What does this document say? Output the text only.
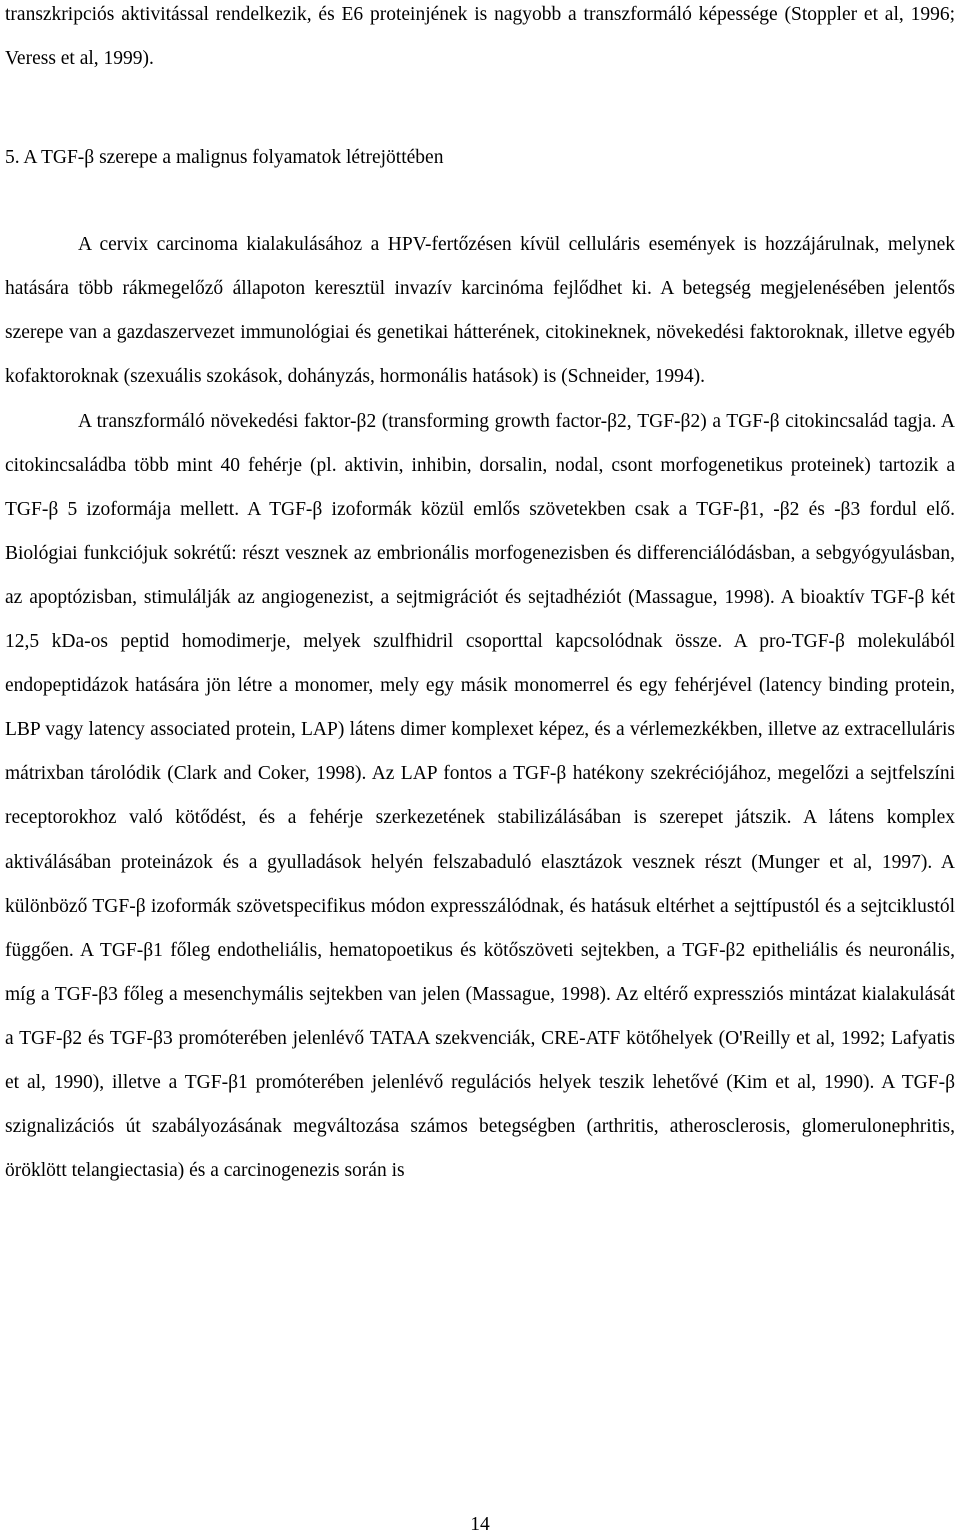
transzkripciós aktivitással rendelkezik, és E6 proteinjének is nagyobb a transzformáló képessége (Stoppler et al, 1996; Veress et al, 1999).

5. A TGF-β szerepe a malignus folyamatok létrejöttében

A cervix carcinoma kialakulásához a HPV-fertőzésen kívül celluláris események is hozzájárulnak, melynek hatására több rákmegelőző állapoton keresztül invazív karcinóma fejlődhet ki. A betegség megjelenésében jelentős szerepe van a gazdaszervezet immunológiai és genetikai hátterének, citokineknek, növekedési faktoroknak, illetve egyéb kofaktoroknak (szexuális szokások, dohányzás, hormonális hatások) is (Schneider, 1994).

A transzformáló növekedési faktor-β2 (transforming growth factor-β2, TGF-β2) a TGF-β citokincsalád tagja. A citokincsaládba több mint 40 fehérje (pl. aktivin, inhibin, dorsalin, nodal, csont morfogenetikus proteinek) tartozik a TGF-β 5 izoformája mellett. A TGF-β izoformák közül emlős szövetekben csak a TGF-β1, -β2 és -β3 fordul elő. Biológiai funkciójuk sokrétű: részt vesznek az embrionális morfogenezisben és differenciálódásban, a sebgyógyulásban, az apoptózisban, stimulálják az angiogenezist, a sejtmigrációt és sejtadhéziót (Massague, 1998). A bioaktív TGF-β két 12,5 kDa-os peptid homodimerje, melyek szulfhidril csoporttal kapcsolódnak össze. A pro-TGF-β molekulából endopeptidázok hatására jön létre a monomer, mely egy másik monomerrel és egy fehérjével (latency binding protein, LBP vagy latency associated protein, LAP) látens dimer komplexet képez, és a vérlemezkékben, illetve az extracelluláris mátrixban tárolódik (Clark and Coker, 1998). Az LAP fontos a TGF-β hatékony szekréciójához, megelőzi a sejtfelszíni receptorokhoz való kötődést, és a fehérje szerkezetének stabilizálásában is szerepet játszik. A látens komplex aktiválásában proteinázok és a gyulladások helyén felszabaduló elasztázok vesznek részt (Munger et al, 1997). A különböző TGF-β izoformák szövetspecifikus módon expresszálódnak, és hatásuk eltérhet a sejttípustól és a sejtciklustól függően. A TGF-β1 főleg endotheliális, hematopoetikus és kötőszöveti sejtekben, a TGF-β2 epitheliális és neuronális, míg a TGF-β3 főleg a mesenchymális sejtekben van jelen (Massague, 1998). Az eltérő expressziós mintázat kialakulását a TGF-β2 és TGF-β3 promóterében jelenlévő TATAA szekvenciák, CRE-ATF kötőhelyek (O'Reilly et al, 1992; Lafyatis et al, 1990), illetve a TGF-β1 promóterében jelenlévő regulációs helyek teszik lehetővé (Kim et al, 1990). A TGF-β szignalizációs út szabályozásának megváltozása számos betegségben (arthritis, atherosclerosis, glomerulonephritis, öröklött telangiectasia) és a carcinogenezis során is

14
